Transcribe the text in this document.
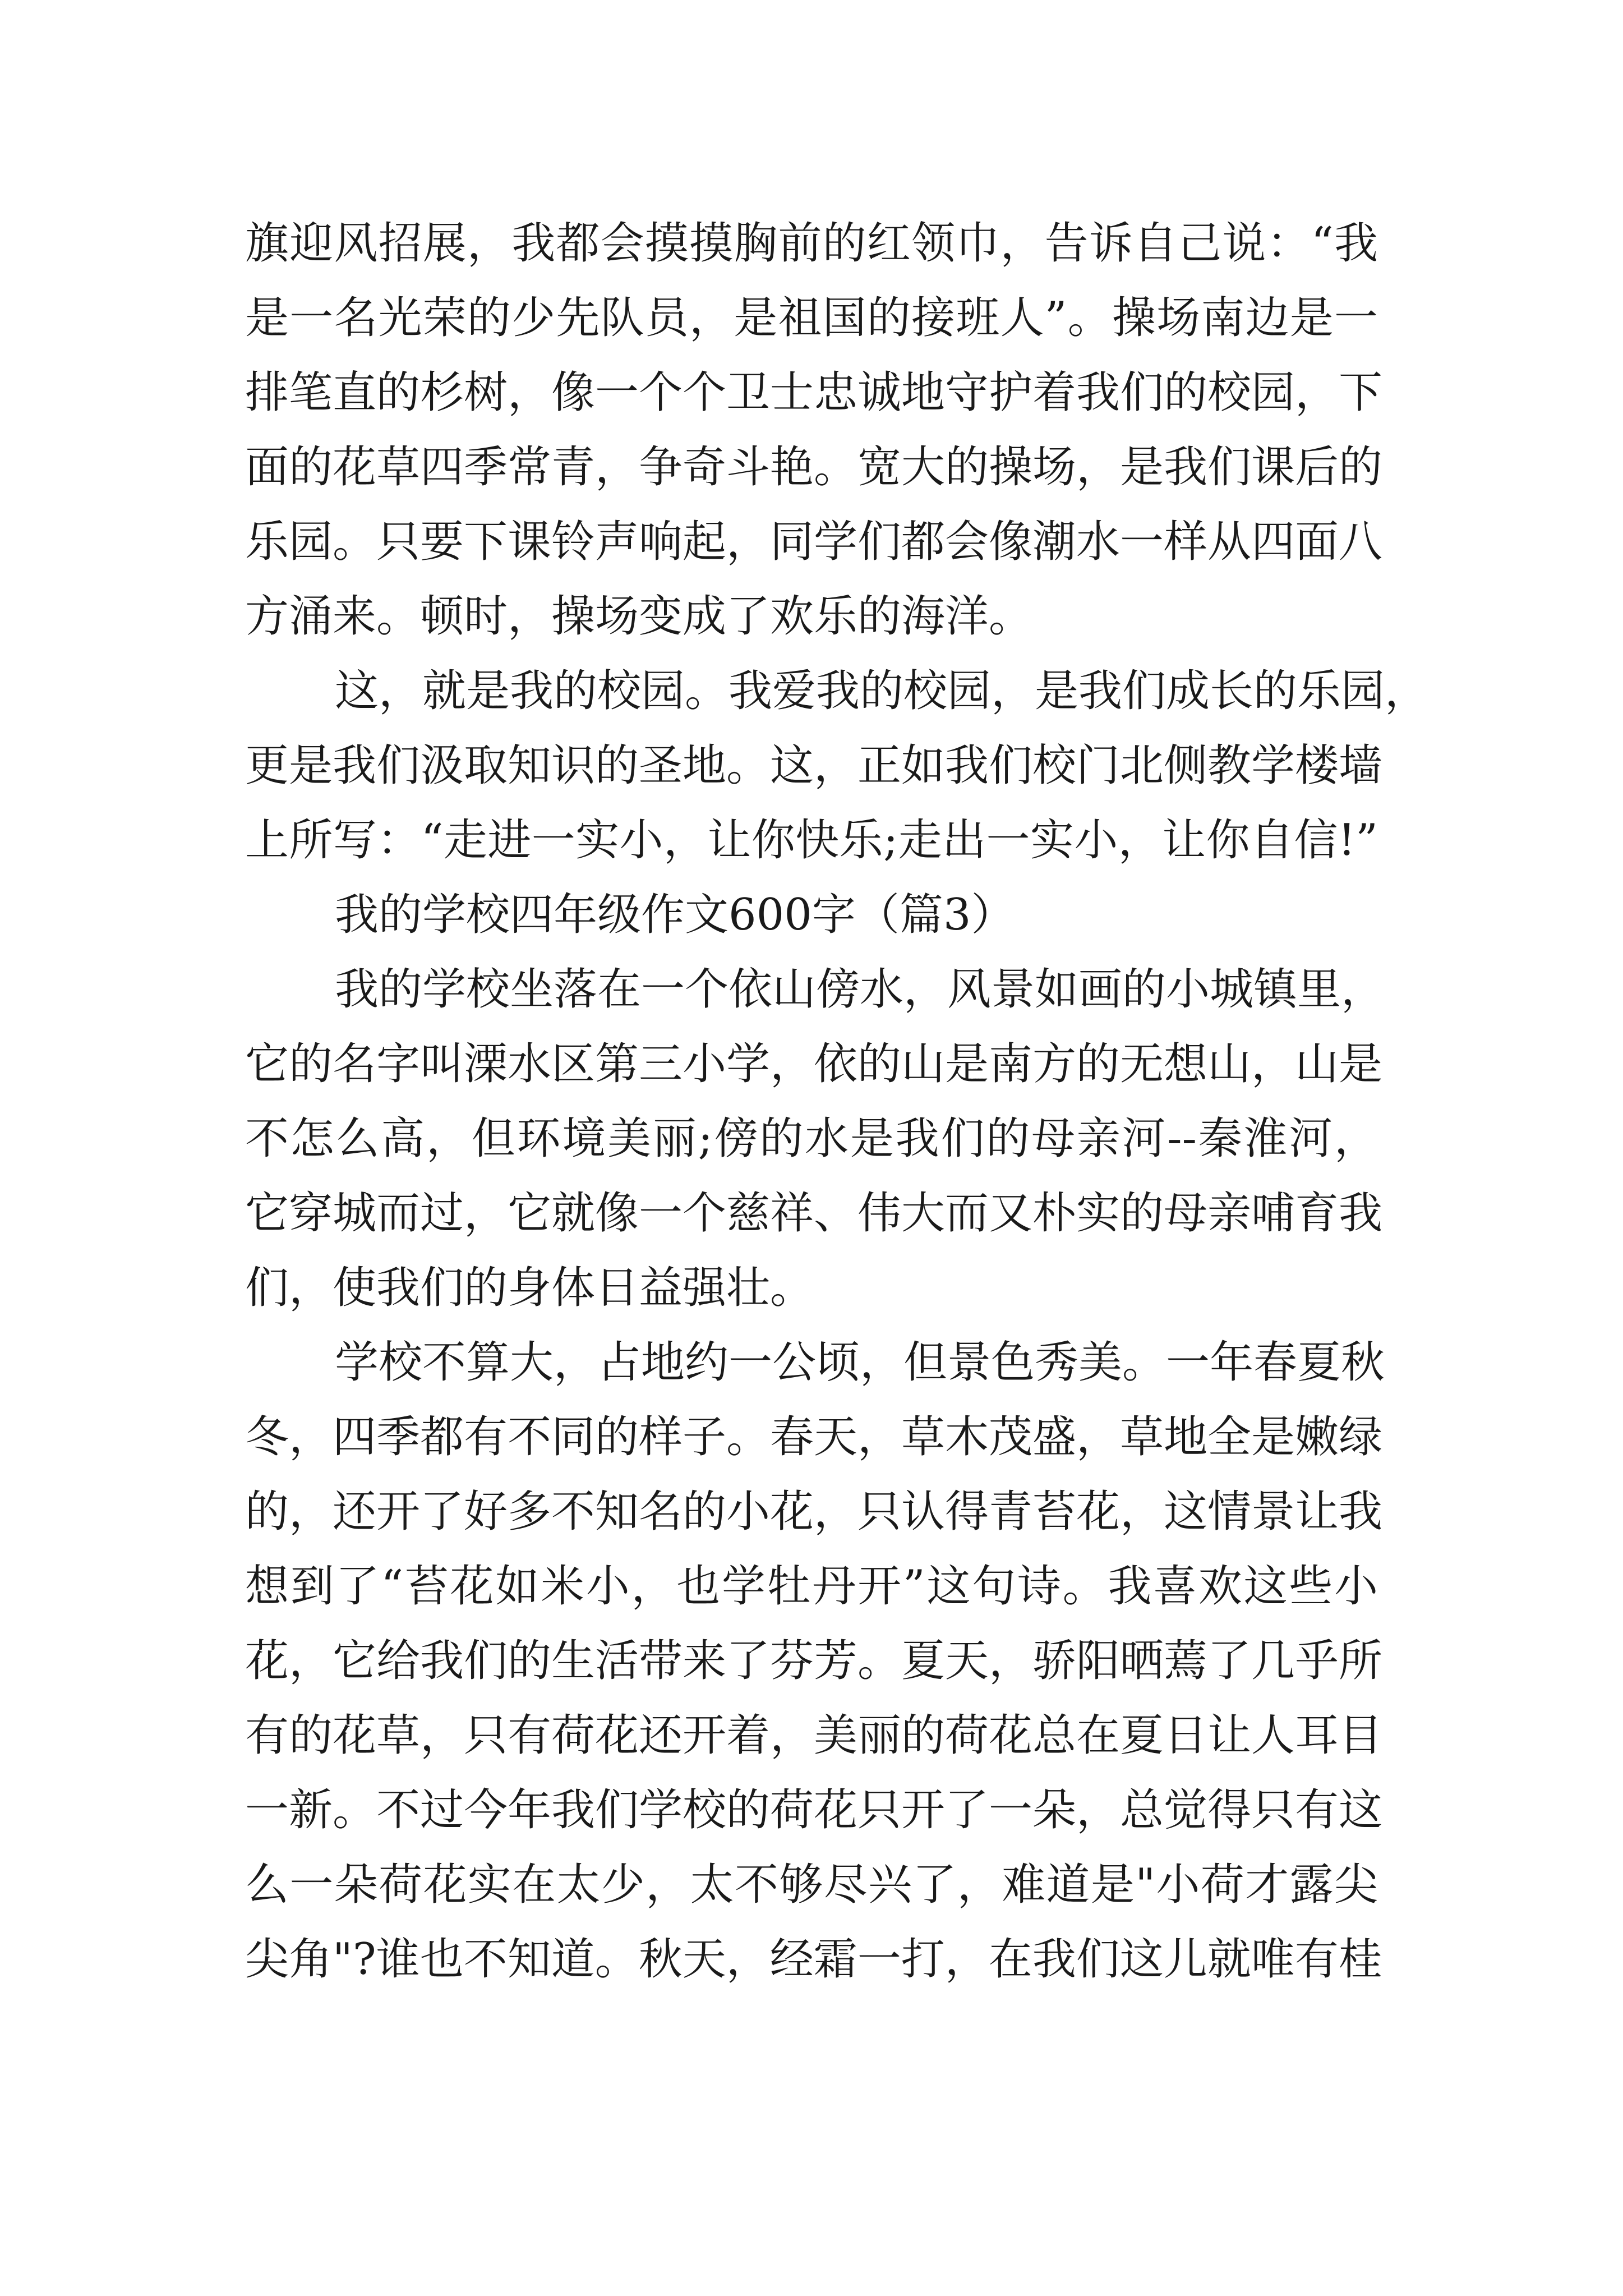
旗迎风招展，我都会摸摸胸前的红领巾，告诉自己说：“我
是一名光荣的少先队员，是祖国的接班人”。操场南边是一
排笔直的杉树，像一个个卫士忠诚地守护着我们的校园，下
面的花草四季常青，争奇斗艳。宽大的操场，是我们课后的
乐园。只要下课铃声响起，同学们都会像潮水一样从四面八
方涌来。顿时，操场变成了欢乐的海洋。
这，就是我的校园。我爱我的校园，是我们成长的乐园，
更是我们汲取知识的圣地。这，正如我们校门北侧教学楼墙
上所写：“走进一实小，让你快乐;走出一实小，让你自信!”
我的学校四年级作文600字（篇3）
我的学校坐落在一个依山傍水，风景如画的小城镇里，
它的名字叫溧水区第三小学，依的山是南方的无想山，山是
不怎么高，但环境美丽;傍的水是我们的母亲河--秦淮河，
它穿城而过，它就像一个慈祥、伟大而又朴实的母亲哺育我
们，使我们的身体日益强壮。
学校不算大，占地约一公顷，但景色秀美。一年春夏秋
冬，四季都有不同的样子。春天，草木茂盛，草地全是嫩绿
的，还开了好多不知名的小花，只认得青苔花，这情景让我
想到了“苔花如米小，也学牡丹开”这句诗。我喜欢这些小
花，它给我们的生活带来了芬芳。夏天，骄阳晒蔫了几乎所
有的花草，只有荷花还开着，美丽的荷花总在夏日让人耳目
一新。不过今年我们学校的荷花只开了一朵，总觉得只有这
么一朵荷花实在太少，太不够尽兴了，难道是"小荷才露尖
尖角"?谁也不知道。秋天，经霜一打，在我们这儿就唯有桂
